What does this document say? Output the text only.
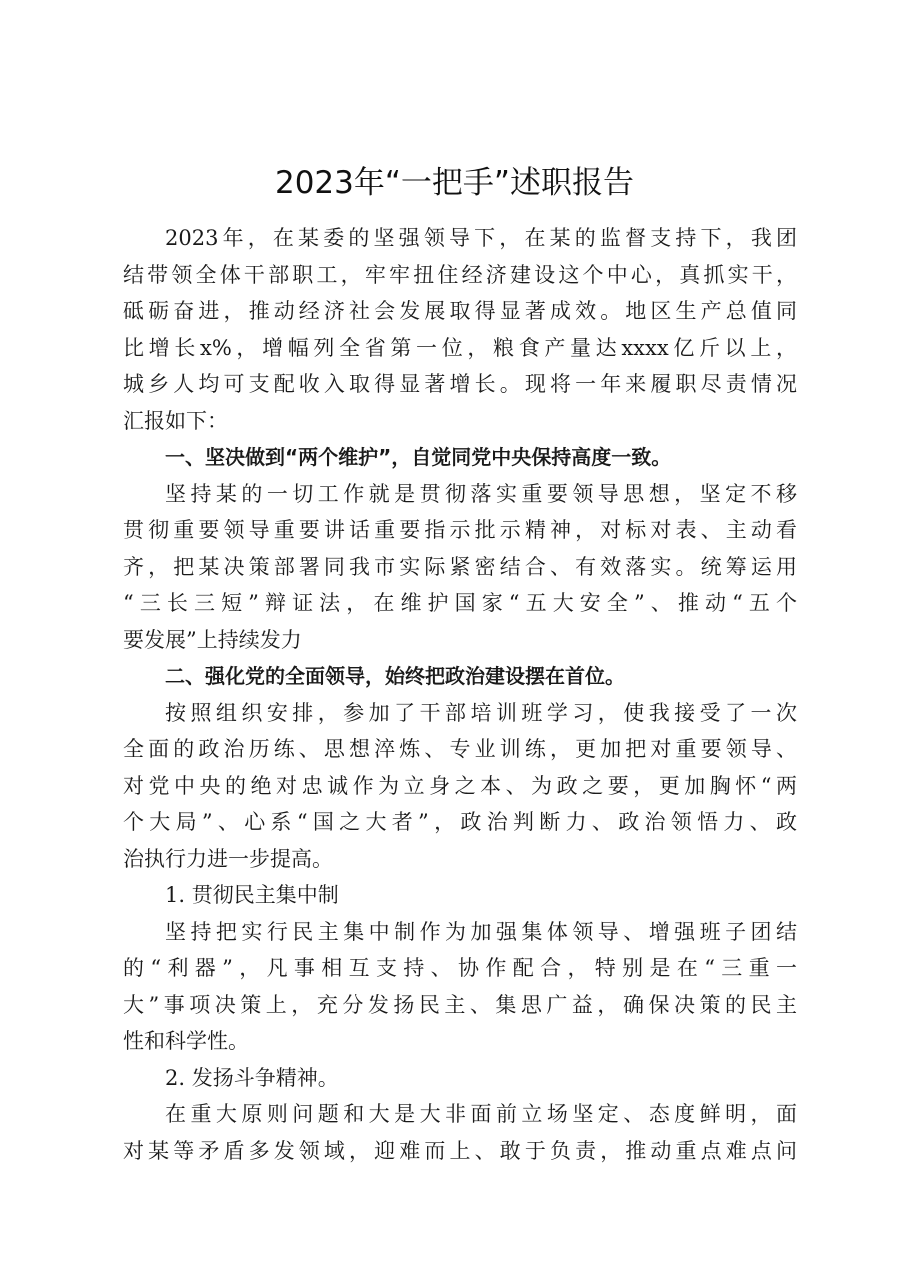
2023年“一把手”述职报告
2023年，在某委的坚强领导下，在某的监督支持下，我团
结带领全体干部职工，牢牢扭住经济建设这个中心，真抓实干，
砥砺奋进，推动经济社会发展取得显著成效。地区生产总值同
比增长x%，增幅列全省第一位，粮食产量达xxxx亿斤以上，
城乡人均可支配收入取得显著增长。现将一年来履职尽责情况
汇报如下：
一、坚决做到“两个维护”，自觉同党中央保持高度一致。
坚持某的一切工作就是贯彻落实重要领导思想，坚定不移
贯彻重要领导重要讲话重要指示批示精神，对标对表、主动看
齐，把某决策部署同我市实际紧密结合、有效落实。统筹运用
“三长三短”辩证法，在维护国家“五大安全”、推动“五个
要发展”上持续发力
二、强化党的全面领导，始终把政治建设摆在首位。
按照组织安排，参加了干部培训班学习，使我接受了一次
全面的政治历练、思想淬炼、专业训练，更加把对重要领导、
对党中央的绝对忠诚作为立身之本、为政之要，更加胸怀“两
个大局”、心系“国之大者”，政治判断力、政治领悟力、政
治执行力进一步提高。
1. 贯彻民主集中制
坚持把实行民主集中制作为加强集体领导、增强班子团结
的“利器”，凡事相互支持、协作配合，特别是在“三重一
大”事项决策上，充分发扬民主、集思广益，确保决策的民主
性和科学性。
2. 发扬斗争精神。
在重大原则问题和大是大非面前立场坚定、态度鲜明，面
对某等矛盾多发领域，迎难而上、敢于负责，推动重点难点问
